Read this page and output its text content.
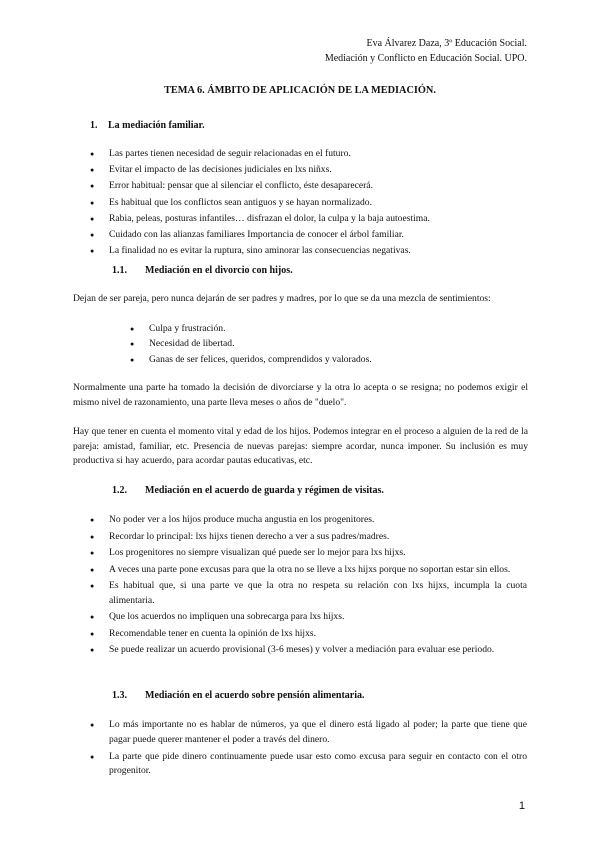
Eva Álvarez Daza, 3º Educación Social.
Mediación y Conflicto en Educación Social. UPO.
TEMA 6. ÁMBITO DE APLICACIÓN DE LA MEDIACIÓN.
1. La mediación familiar.
● Las partes tienen necesidad de seguir relacionadas en el futuro.
● Evitar el impacto de las decisiones judiciales en lxs niñxs.
● Error habitual: pensar que al silenciar el conflicto, éste desaparecerá.
● Es habitual que los conflictos sean antiguos y se hayan normalizado.
● Rabia, peleas, posturas infantiles… disfrazan el dolor, la culpa y la baja autoestima.
● Cuidado con las alianzas familiares Importancia de conocer el árbol familiar.
● La finalidad no es evitar la ruptura, sino aminorar las consecuencias negativas.
1.1. Mediación en el divorcio con hijos.
Dejan de ser pareja, pero nunca dejarán de ser padres y madres, por lo que se da una mezcla de sentimientos:
● Culpa y frustración.
● Necesidad de libertad.
● Ganas de ser felices, queridos, comprendidos y valorados.
Normalmente una parte ha tomado la decisión de divorciarse y la otra lo acepta o se resigna; no podemos exigir el mismo nivel de razonamiento, una parte lleva meses o años de "duelo".
Hay que tener en cuenta el momento vital y edad de los hijos. Podemos integrar en el proceso a alguien de la red de la pareja: amistad, familiar, etc. Presencia de nuevas parejas: siempre acordar, nunca imponer. Su inclusión es muy productiva si hay acuerdo, para acordar pautas educativas, etc.
1.2. Mediación en el acuerdo de guarda y régimen de visitas.
● No poder ver a los hijos produce mucha angustia en los progenitores.
● Recordar lo principal: lxs hijxs tienen derecho a ver a sus padres/madres.
● Los progenitores no siempre visualizan qué puede ser lo mejor para lxs hijxs.
● A veces una parte pone excusas para que la otra no se lleve a lxs hijxs porque no soportan estar sin ellos.
● Es habitual que, si una parte ve que la otra no respeta su relación con lxs hijxs, incumpla la cuota alimentaria.
● Que los acuerdos no impliquen una sobrecarga para lxs hijxs.
● Recomendable tener en cuenta la opinión de lxs hijxs.
● Se puede realizar un acuerdo provisional (3-6 meses) y volver a mediación para evaluar ese periodo.
1.3. Mediación en el acuerdo sobre pensión alimentaria.
● Lo más importante no es hablar de números, ya que el dinero está ligado al poder; la parte que tiene que pagar puede querer mantener el poder a través del dinero.
● La parte que pide dinero continuamente puede usar esto como excusa para seguir en contacto con el otro progenitor.
1
